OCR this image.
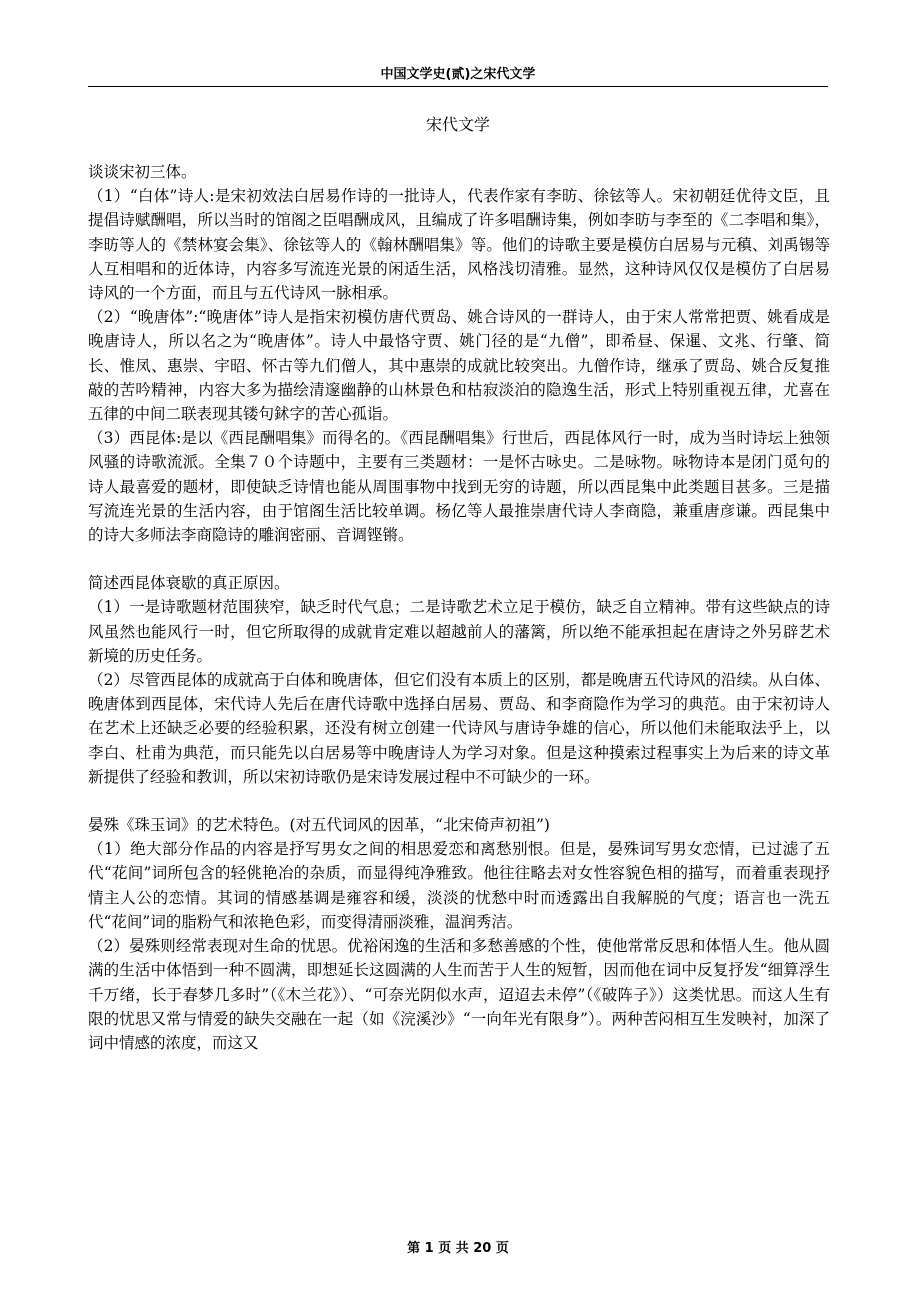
中国文学史(贰)之宋代文学
宋代文学

谈谈宋初三体。

（1）“白体”诗人:是宋初效法白居易作诗的一批诗人，代表作家有李昉、徐铉等人。宋初朝廷优待文臣，且提倡诗赋酬唱，所以当时的馆阁之臣唱酬成风，且编成了许多唱酬诗集，例如李昉与李至的《二李唱和集》，李昉等人的《禁林宴会集》、徐铉等人的《翰林酬唱集》等。他们的诗歌主要是模仿白居易与元稹、刘禹锡等人互相唱和的近体诗，内容多写流连光景的闲适生活，风格浅切清雅。显然，这种诗风仅仅是模仿了白居易诗风的一个方面，而且与五代诗风一脉相承。

（2）“晚唐体”:“晚唐体”诗人是指宋初模仿唐代贾岛、姚合诗风的一群诗人，由于宋人常常把贾、姚看成是晚唐诗人，所以名之为“晚唐体”。诗人中最恪守贾、姚门径的是“九僧”，即希昼、保暹、文兆、行肇、简长、惟凤、惠崇、宇昭、怀古等九们僧人，其中惠崇的成就比较突出。九僧作诗，继承了贾岛、姚合反复推敲的苦吟精神，内容大多为描绘清邃幽静的山林景色和枯寂淡泊的隐逸生活，形式上特别重视五律，尤喜在五律的中间二联表现其镂句鉥字的苦心孤诣。

（3）西昆体:是以《西昆酬唱集》而得名的。《西昆酬唱集》行世后，西昆体风行一时，成为当时诗坛上独领风骚的诗歌流派。全集７０个诗题中，主要有三类题材：一是怀古咏史。二是咏物。咏物诗本是闭门觅句的诗人最喜爱的题材，即使缺乏诗情也能从周围事物中找到无穷的诗题，所以西昆集中此类题目甚多。三是描写流连光景的生活内容，由于馆阁生活比较单调。杨亿等人最推崇唐代诗人李商隐，兼重唐彦谦。西昆集中的诗大多师法李商隐诗的雕润密丽、音调铿锵。

简述西昆体衰歇的真正原因。

（1）一是诗歌题材范围狭窄，缺乏时代气息；二是诗歌艺术立足于模仿，缺乏自立精神。带有这些缺点的诗风虽然也能风行一时，但它所取得的成就肯定难以超越前人的藩篱，所以绝不能承担起在唐诗之外另辟艺术新境的历史任务。

（2）尽管西昆体的成就高于白体和晚唐体，但它们没有本质上的区别，都是晚唐五代诗风的沿续。从白体、晚唐体到西昆体，宋代诗人先后在唐代诗歌中选择白居易、贾岛、和李商隐作为学习的典范。由于宋初诗人在艺术上还缺乏必要的经验积累，还没有树立创建一代诗风与唐诗争雄的信心，所以他们未能取法乎上，以李白、杜甫为典范，而只能先以白居易等中晚唐诗人为学习对象。但是这种摸索过程事实上为后来的诗文革新提供了经验和教训，所以宋初诗歌仍是宋诗发展过程中不可缺少的一环。

晏殊《珠玉词》的艺术特色。(对五代词风的因革，“北宋倚声初祖”)

（1）绝大部分作品的内容是抒写男女之间的相思爱恋和离愁别恨。但是，晏殊词写男女恋情，已过滤了五代“花间”词所包含的轻佻艳冶的杂质，而显得纯净雅致。他往往略去对女性容貌色相的描写，而着重表现抒情主人公的恋情。其词的情感基调是雍容和缓，淡淡的忧愁中时而透露出自我解脱的气度；语言也一洗五代“花间”词的脂粉气和浓艳色彩，而变得清丽淡雅，温润秀洁。

（2）晏殊则经常表现对生命的忧思。优裕闲逸的生活和多愁善感的个性，使他常常反思和体悟人生。他从圆满的生活中体悟到一种不圆满，即想延长这圆满的人生而苦于人生的短暂，因而他在词中反复抒发“细算浮生千万绪，长于春梦几多时”（《木兰花》）、“可奈光阴似水声，迢迢去未停”（《破阵子》）这类忧思。而这人生有限的忧思又常与情爱的缺失交融在一起（如《浣溪沙》“一向年光有限身”）。两种苦闷相互生发映衬，加深了词中情感的浓度，而这又

第 1 页 共 20 页
